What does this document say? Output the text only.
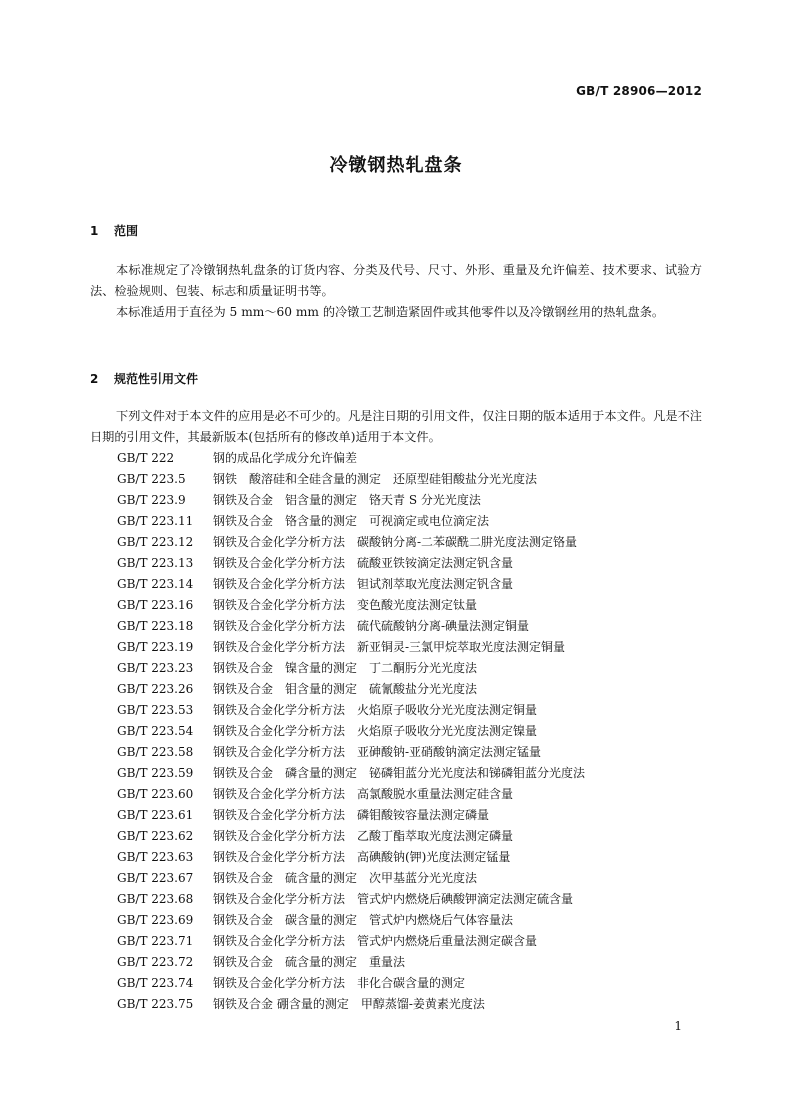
GB/T 28906—2012
冷镦钢热轧盘条
1 范围
本标准规定了冷镦钢热轧盘条的订货内容、分类及代号、尺寸、外形、重量及允许偏差、技术要求、试验方法、检验规则、包装、标志和质量证明书等。
本标准适用于直径为 5 mm～60 mm 的冷镦工艺制造紧固件或其他零件以及冷镦钢丝用的热轧盘条。
2 规范性引用文件
下列文件对于本文件的应用是必不可少的。凡是注日期的引用文件，仅注日期的版本适用于本文件。凡是不注日期的引用文件，其最新版本(包括所有的修改单)适用于本文件。
GB/T 222	钢的成品化学成分允许偏差
GB/T 223.5 钢铁　酸溶硅和全硅含量的测定　还原型硅钼酸盐分光光度法
GB/T 223.9 钢铁及合金　铝含量的测定　铬天青 S 分光光度法
GB/T 223.11 钢铁及合金　铬含量的测定　可视滴定或电位滴定法
GB/T 223.12 钢铁及合金化学分析方法　碳酸钠分离-二苯碳酰二肼光度法测定铬量
GB/T 223.13 钢铁及合金化学分析方法　硫酸亚铁铵滴定法测定钒含量
GB/T 223.14 钢铁及合金化学分析方法　钽试剂萃取光度法测定钒含量
GB/T 223.16 钢铁及合金化学分析方法　变色酸光度法测定钛量
GB/T 223.18 钢铁及合金化学分析方法　硫代硫酸钠分离-碘量法测定铜量
GB/T 223.19 钢铁及合金化学分析方法　新亚铜灵-三氯甲烷萃取光度法测定铜量
GB/T 223.23 钢铁及合金　镍含量的测定　丁二酮肟分光光度法
GB/T 223.26 钢铁及合金　钼含量的测定　硫氰酸盐分光光度法
GB/T 223.53 钢铁及合金化学分析方法　火焰原子吸收分光光度法测定铜量
GB/T 223.54 钢铁及合金化学分析方法　火焰原子吸收分光光度法测定镍量
GB/T 223.58 钢铁及合金化学分析方法　亚砷酸钠-亚硝酸钠滴定法测定锰量
GB/T 223.59 钢铁及合金　磷含量的测定　铋磷钼蓝分光光度法和锑磷钼蓝分光度法
GB/T 223.60 钢铁及合金化学分析方法　高氯酸脱水重量法测定硅含量
GB/T 223.61 钢铁及合金化学分析方法　磷钼酸铵容量法测定磷量
GB/T 223.62 钢铁及合金化学分析方法　乙酸丁酯萃取光度法测定磷量
GB/T 223.63 钢铁及合金化学分析方法　高碘酸钠(钾)光度法测定锰量
GB/T 223.67 钢铁及合金　硫含量的测定　次甲基蓝分光光度法
GB/T 223.68 钢铁及合金化学分析方法　管式炉内燃烧后碘酸钾滴定法测定硫含量
GB/T 223.69 钢铁及合金　碳含量的测定　管式炉内燃烧后气体容量法
GB/T 223.71 钢铁及合金化学分析方法　管式炉内燃烧后重量法测定碳含量
GB/T 223.72 钢铁及合金　硫含量的测定　重量法
GB/T 223.74 钢铁及合金化学分析方法　非化合碳含量的测定
GB/T 223.75 钢铁及合金 硼含量的测定　甲醇蒸馏-姜黄素光度法
1
